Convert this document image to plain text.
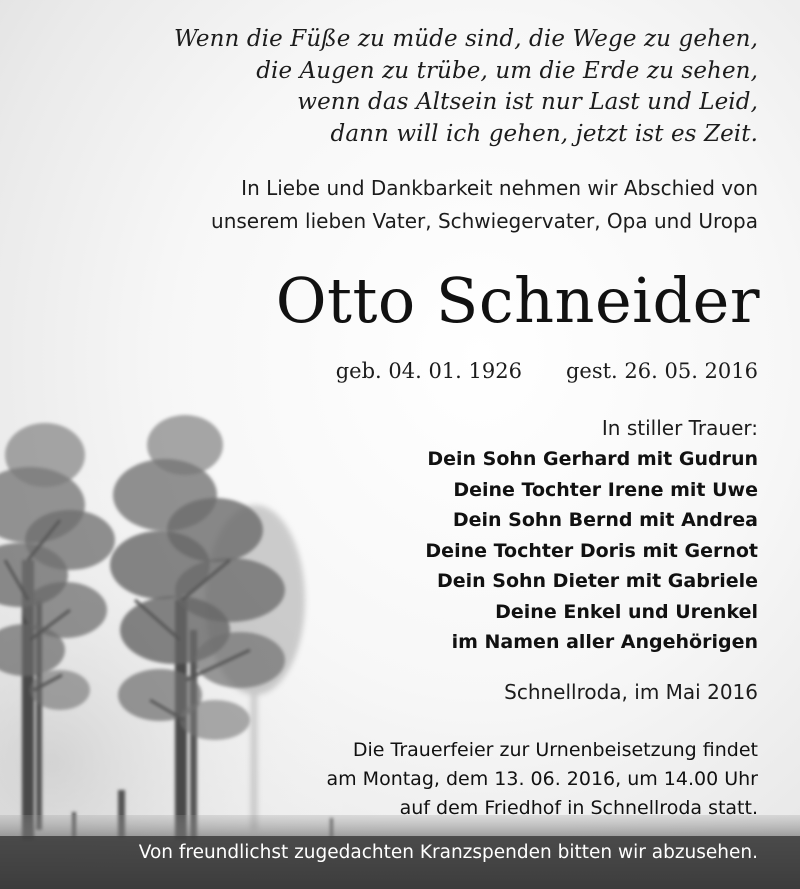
Wenn die Füße zu müde sind, die Wege zu gehen,
die Augen zu trübe, um die Erde zu sehen,
wenn das Altsein ist nur Last und Leid,
dann will ich gehen, jetzt ist es Zeit.
In Liebe und Dankbarkeit nehmen wir Abschied von
unserem lieben Vater, Schwiegervater, Opa und Uropa
Otto Schneider
geb. 04. 01. 1926 gest. 26. 05. 2016
In stiller Trauer:
Dein Sohn Gerhard mit Gudrun
Deine Tochter Irene mit Uwe
Dein Sohn Bernd mit Andrea
Deine Tochter Doris mit Gernot
Dein Sohn Dieter mit Gabriele
Deine Enkel und Urenkel
im Namen aller Angehörigen
Schnellroda, im Mai 2016
Die Trauerfeier zur Urnenbeisetzung findet
am Montag, dem 13. 06. 2016, um 14.00 Uhr
auf dem Friedhof in Schnellroda statt.
Von freundlichst zugedachten Kranzspenden bitten wir abzusehen.
